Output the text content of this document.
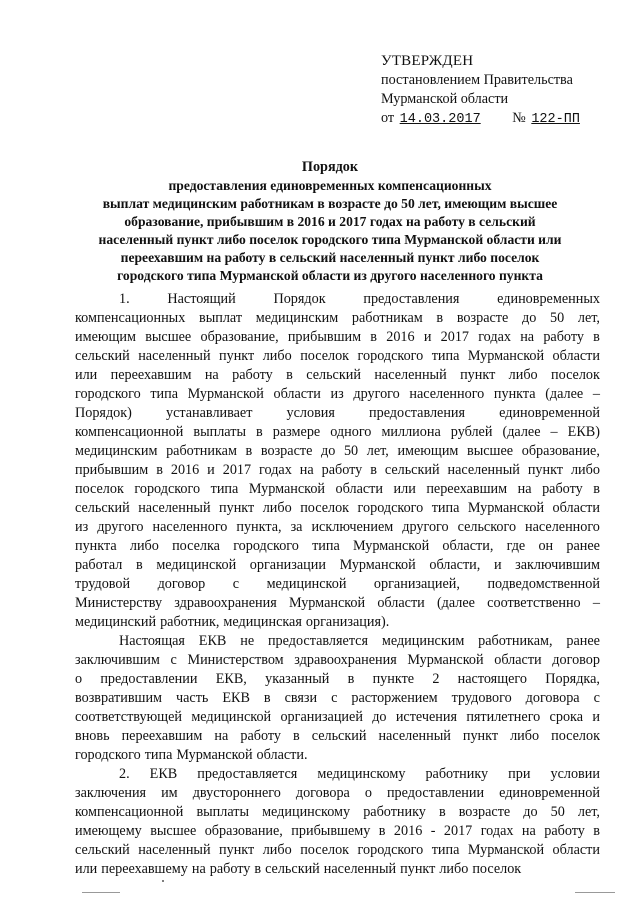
УТВЕРЖДЕН
постановлением Правительства
Мурманской области
от 14.03.2017 № 122-ПП
Порядок
предоставления единовременных компенсационных
выплат медицинским работникам в возрасте до 50 лет, имеющим высшее
образование, прибывшим в 2016 и 2017 годах на работу в сельский
населенный пункт либо поселок городского типа Мурманской области или
переехавшим на работу в сельский населенный пункт либо поселок
городского типа Мурманской области из другого населенного пункта
1.	Настоящий	Порядок	предоставления	единовременных
компенсационных выплат медицинским работникам в возрасте до 50 лет,
имеющим высшее образование, прибывшим в 2016 и 2017 годах на работу в
сельский населенный пункт либо поселок городского типа Мурманской области
или переехавшим на работу в сельский населенный пункт либо поселок
городского типа Мурманской области из другого населенного пункта (далее –
Порядок) устанавливает условия предоставления единовременной
компенсационной выплаты в размере одного миллиона рублей (далее – ЕКВ)
медицинским работникам в возрасте до 50 лет, имеющим высшее образование,
прибывшим в 2016 и 2017 годах на работу в сельский населенный пункт либо
поселок городского типа Мурманской области или переехавшим на работу в
сельский населенный пункт либо поселок городского типа Мурманской области
из другого населенного пункта, за исключением другого сельского населенного
пункта либо поселка городского типа Мурманской области, где он ранее
работал в медицинской организации Мурманской области, и заключившим
трудовой договор с медицинской организацией, подведомственной
Министерству здравоохранения Мурманской области (далее соответственно –
медицинский работник, медицинская организация).
Настоящая ЕКВ не предоставляется медицинским работникам, ранее
заключившим с Министерством здравоохранения Мурманской области договор
о предоставлении ЕКВ, указанный в пункте 2 настоящего Порядка,
возвратившим часть ЕКВ в связи с расторжением трудового договора с
соответствующей медицинской организацией до истечения пятилетнего срока и
вновь переехавшим на работу в сельский населенный пункт либо поселок
городского типа Мурманской области.
2. ЕКВ предоставляется медицинскому работнику при условии
заключения им двустороннего договора о предоставлении единовременной
компенсационной выплаты медицинскому работнику в возрасте до 50 лет,
имеющему высшее образование, прибывшему в 2016 - 2017 годах на работу в
сельский населенный пункт либо поселок городского типа Мурманской области
или переехавшему на работу в сельский населенный пункт либо поселок
